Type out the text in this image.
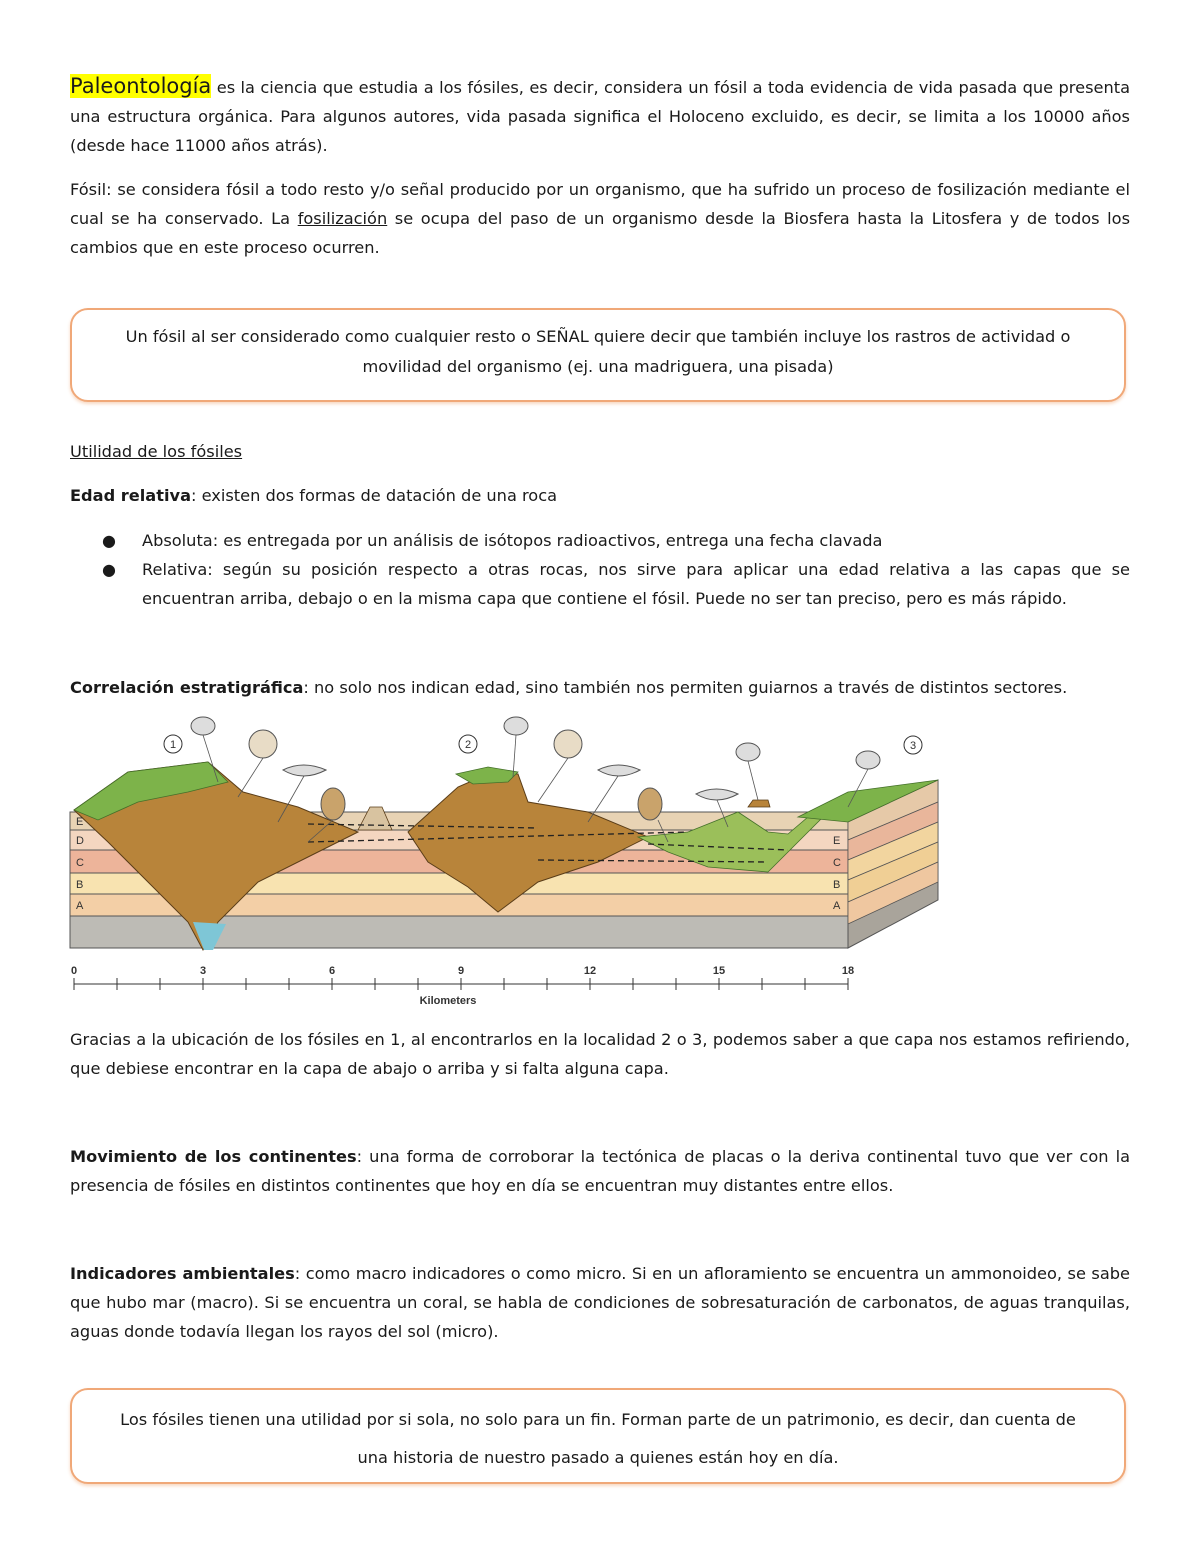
Paleontología es la ciencia que estudia a los fósiles, es decir, considera un fósil a toda evidencia de vida pasada que presenta una estructura orgánica. Para algunos autores, vida pasada significa el Holoceno excluido, es decir, se limita a los 10000 años (desde hace 11000 años atrás).

Fósil: se considera fósil a todo resto y/o señal producido por un organismo, que ha sufrido un proceso de fosilización mediante el cual se ha conservado. La fosilización se ocupa del paso de un organismo desde la Biosfera hasta la Litosfera y de todos los cambios que en este proceso ocurren.

Un fósil al ser considerado como cualquier resto o SEÑAL quiere decir que también incluye los rastros de actividad o
movilidad del organismo (ej. una madriguera, una pisada)

Utilidad de los fósiles

Edad relativa: existen dos formas de datación de una roca

● Absoluta: es entregada por un análisis de isótopos radioactivos, entrega una fecha clavada
● Relativa: según su posición respecto a otras rocas, nos sirve para aplicar una edad relativa a las capas que se encuentran arriba, debajo o en la misma capa que contiene el fósil. Puede no ser tan preciso, pero es más rápido.

Correlación estratigráfica: no solo nos indican edad, sino también nos permiten guiarnos a través de distintos sectores.

1	2	3
E
D
C
B
A
E
C
B
A
0	3	6	9	12	15	18
Kilometers

Gracias a la ubicación de los fósiles en 1, al encontrarlos en la localidad 2 o 3, podemos saber a que capa nos estamos refiriendo, que debiese encontrar en la capa de abajo o arriba y si falta alguna capa.

Movimiento de los continentes: una forma de corroborar la tectónica de placas o la deriva continental tuvo que ver con la presencia de fósiles en distintos continentes que hoy en día se encuentran muy distantes entre ellos.

Indicadores ambientales: como macro indicadores o como micro. Si en un afloramiento se encuentra un ammonoideo, se sabe que hubo mar (macro). Si se encuentra un coral, se habla de condiciones de sobresaturación de carbonatos, de aguas tranquilas, aguas donde todavía llegan los rayos del sol (micro).

Los fósiles tienen una utilidad por si sola, no solo para un fin. Forman parte de un patrimonio, es decir, dan cuenta de
una historia de nuestro pasado a quienes están hoy en día.
